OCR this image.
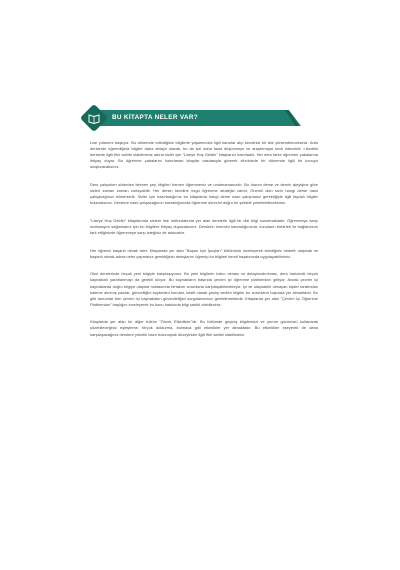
BU KİTAPTA NELER VAR?

Lise yıllarınız başlıyor. Bu dönemde edindiğiniz bilgilerle yaşamınızla ilgili kararlar alıp kendinizi bir iste yönlendireceksiniz. Artık derslerde öğrendiğiniz bilgiler daha detaylı olacak, bu da sizi daha fazla düşünmeye ve araştırmaya sevk edecektir. Lisedeki derslerle ilgili fikir sahibi olabilmeniz adına sizler için "Liseye Hoş Geldin" kitaplarını hazırladık. Her ders farklı öğrenme çabalarına ihtiyaç duyar. Bu öğrenme çabalarını hazırlanan kitaplar vasıtasıyla görerek zihninizde bir dönemde ilgili bir konuyu oluşturacaksınız.

Ders çalışırken sizlerden istenen şey, bilgileri hemen öğrenmeniz ve unutmamanızdır. Bu durum derse ve dersin işleyişine göre sizleri zaman zaman zorlayabilir. Her dersin kendine özgü öğrenme stratejisi vardır. Önemli olan sizin hangi derse nasıl çalışacağınızı bilmenizdir. Sizler için hazırladığımız bu kitaplarda hangi derse nasıl çalışmanız gerektiğiyle ilgili faydalı bilgiler bulacaksınız. Derslere nasıl çalışacağınızı kavradığınızda öğrenme sürecini doğru bir şekilde yönetebileceksiniz.

"Liseye Hoş Geldin" kitaplarında sizlere lise müfredatında yer alan derslerle ilgili bir dizi bilgi sunulmaktadır. Öğrenmeye karşı motivasyon sağlamanız için bu bilgilere ihtiyaç duyacaksınız. Derslerin önemini kavradığınızda, konuların birbirleri ile bağlantısını fark ettiğinizde öğrenmeye karşı isteğiniz de artacaktır.

Her öğrenci başarılı olmak ister. Kitaplarda yer alan "Başarı İçin İpuçları" bölümünü inceleyerek istediğiniz hedefe ulaşmak ve başarılı olmak adına neler yapmanız gerektiğinin detaylarını öğrenip bu bilgileri kendi hayatınızda uygulayabilirsiniz.

Okul derslerinde birçok yeni bilgiyle karşılaşıyoruz. Bu yeni bilgilerin kalıcı olması ve detaylandırılması, ders haricinde birçok kaynaktan yararlanmayı da gerekli kılıyor. Bu kaynakların başında çevrim içi öğrenme platformları geliyor. Ancak çevrim içi kaynaklarda doğru bilgiye ulaşma noktasında birtakım sorunlarla karşılaşabilmekteyiz. İyi ve ulaşılabilir olmayan kişiler tarafından kaleme alınmış yazılar, güncelliğini kaybeden konular, kesifi olarak yanlış verilen bilgiler bu sorunların başında yer almaktadır. Bu gibi durumlar tüm çevrim içi kaynakların güvenilirliğini sorgulamamızı gerektirmektedir. Kitaplarda yer alan "Çevrim İçi Öğrenme Platformları" başlığını inceleyerek bu konu hakkında bilgi sahibi olabilirsiniz.

Kitaplarda yer alan bir diğer bölüm "Örnek Etkinlikler"dir. Bu bölümde geçmiş bilgilerinizi ve yorum gücünüzü kullanarak çözebileceğiniz eşleştirme, bi̇rçok doldurma, bulmaca gibi etkinlikler yer almaktadır. Bu etkinlikler eşeyerek de daha karşılaşacağınız derslere yönelik hazır bulunuşluk düzeyinizle ilgili fikir sahibi olabilirsiniz.
